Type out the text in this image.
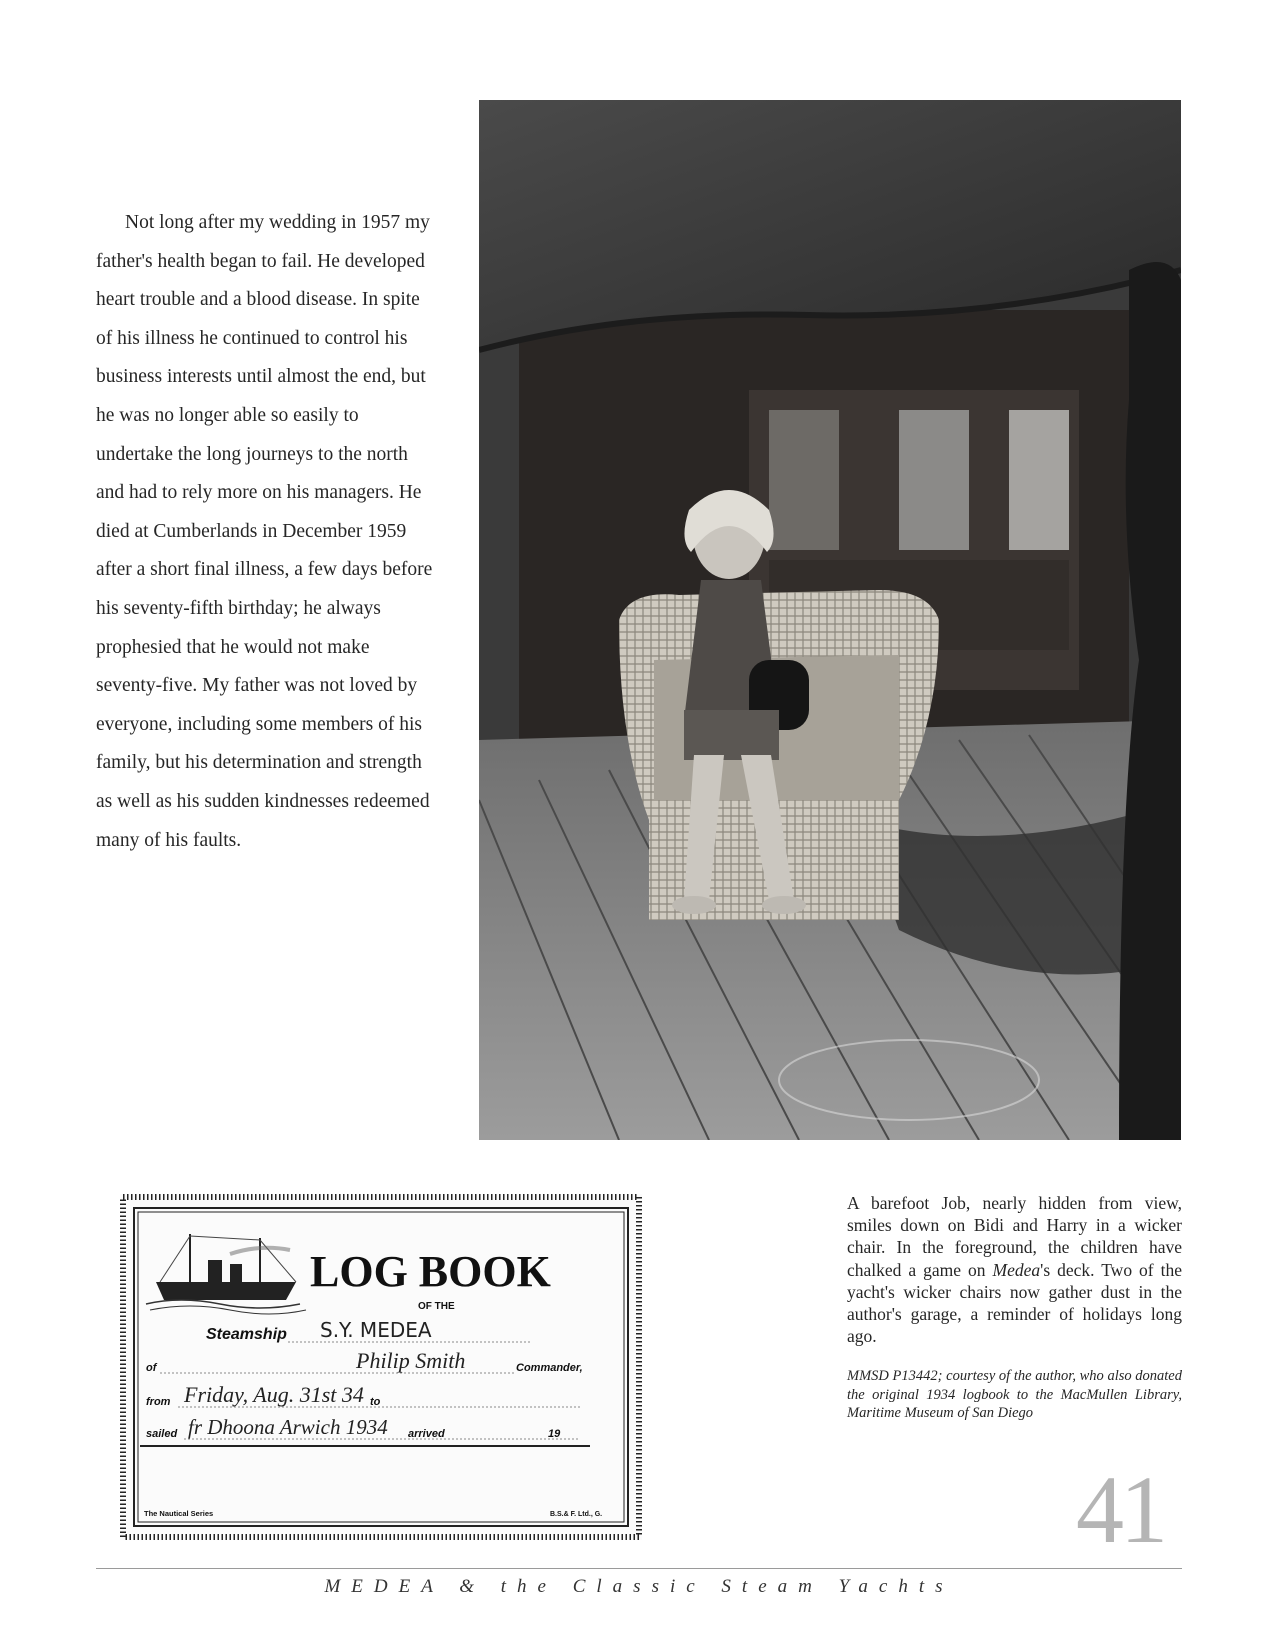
Not long after my wedding in 1957 my father's health began to fail. He developed heart trouble and a blood disease. In spite of his illness he continued to control his business interests until almost the end, but he was no longer able so easily to undertake the long journeys to the north and had to rely more on his managers. He died at Cumberlands in December 1959 after a short final illness, a few days before his seventy-fifth birthday; he always prophesied that he would not make seventy-five. My father was not loved by everyone, including some members of his family, but his determination and strength as well as his sudden kindnesses redeemed many of his faults.

LOG BOOK
OF THE
Steamship S.Y. MEDEA
of	Philip Smith	Commander,
from Friday, Aug. 31st 34 to
sailed fr Dhoona Arwich 1934 arrived	19
The Nautical Series	B.S.& F. Ltd., G.

A barefoot Job, nearly hidden from view, smiles down on Bidi and Harry in a wicker chair. In the foreground, the children have chalked a game on Medea's deck. Two of the yacht's wicker chairs now gather dust in the author's garage, a reminder of holidays long ago.

MMSD P13442; courtesy of the author, who also donated the original 1934 logbook to the MacMullen Library, Maritime Museum of San Diego

41
MEDEA & the Classic Steam Yachts
